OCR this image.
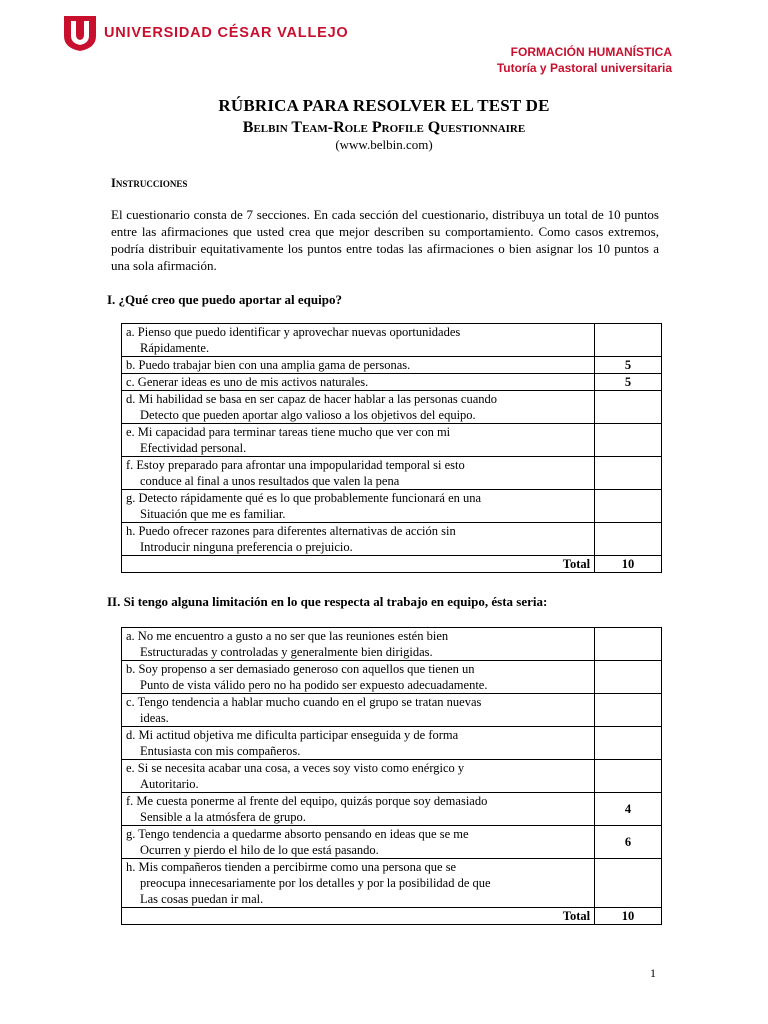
UNIVERSIDAD CÉSAR VALLEJO
FORMACIÓN HUMANÍSTICA
Tutoría y Pastoral universitaria
RÚBRICA PARA RESOLVER EL TEST DE
Belbin Team-Role Profile Questionnaire
(www.belbin.com)
Instrucciones
El cuestionario consta de 7 secciones. En cada sección del cuestionario, distribuya un total de 10 puntos entre las afirmaciones que usted crea que mejor describen su comportamiento. Como casos extremos, podría distribuir equitativamente los puntos entre todas las afirmaciones o bien asignar los 10 puntos a una sola afirmación.
I. ¿Qué creo que puedo aportar al equipo?
a. Pienso que puedo identificar y aprovechar nuevas oportunidades
Rápidamente.	

b. Puedo trabajar bien con una amplia gama de personas.	5
c. Generar ideas es uno de mis activos naturales.	5
d. Mi habilidad se basa en ser capaz de hacer hablar a las personas cuando
Detecto que pueden aportar algo valioso a los objetivos del equipo.	

e. Mi capacidad para terminar tareas tiene mucho que ver con mi
Efectividad personal.	

f. Estoy preparado para afrontar una impopularidad temporal si esto
conduce al final a unos resultados que valen la pena	

g. Detecto rápidamente qué es lo que probablemente funcionará en una
Situación que me es familiar.	

h. Puedo ofrecer razones para diferentes alternativas de acción sin
Introducir ninguna preferencia o prejuicio.	

Total	10
II. Si tengo alguna limitación en lo que respecta al trabajo en equipo, ésta seria:
a. No me encuentro a gusto a no ser que las reuniones estén bien
Estructuradas y controladas y generalmente bien dirigidas.	

b. Soy propenso a ser demasiado generoso con aquellos que tienen un
Punto de vista válido pero no ha podido ser expuesto adecuadamente.	

c. Tengo tendencia a hablar mucho cuando en el grupo se tratan nuevas
ideas.	

d. Mi actitud objetiva me dificulta participar enseguida y de forma
Entusiasta con mis compañeros.	

e. Si se necesita acabar una cosa, a veces soy visto como enérgico y
Autoritario.	

f. Me cuesta ponerme al frente del equipo, quizás porque soy demasiado
Sensible a la atmósfera de grupo.	4
g. Tengo tendencia a quedarme absorto pensando en ideas que se me
Ocurren y pierdo el hilo de lo que está pasando.	6
h. Mis compañeros tienden a percibirme como una persona que se
preocupa innecesariamente por los detalles y por la posibilidad de que
Las cosas puedan ir mal.	

Total	10
1
